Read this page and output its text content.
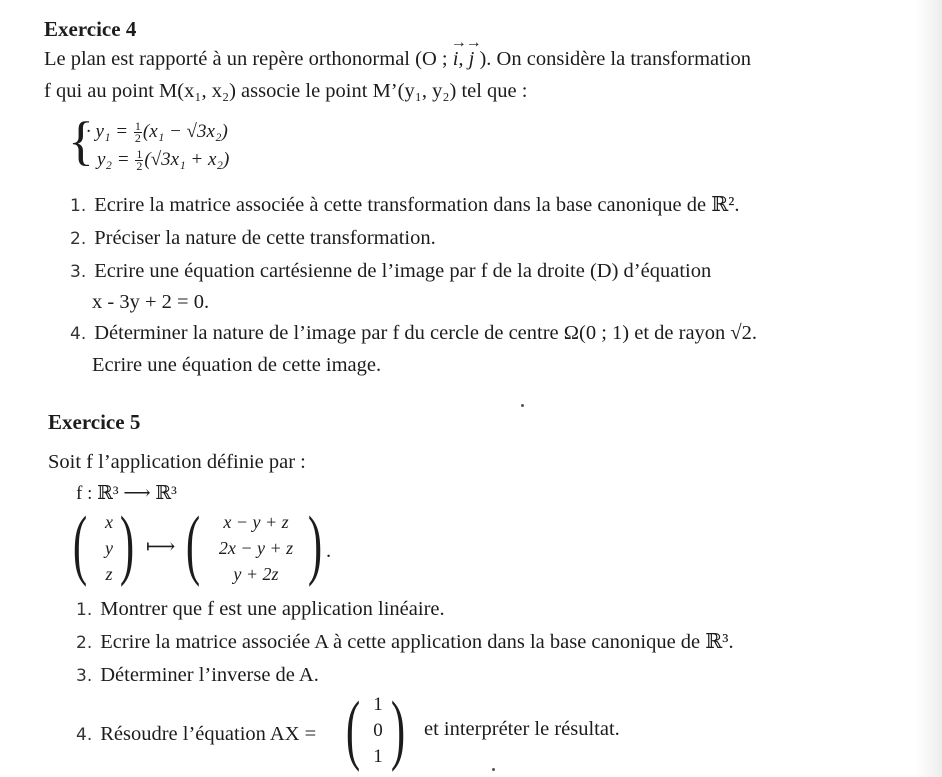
Exercice 4
Le plan est rapporté à un repère orthonormal (O ; i
→
, j
→
). On considère la transformation
f qui au point M(x₁, x₂) associe le point M’(y₁, y₂) tel que :
{
· $y_1 = \frac{1}{2} (x_1 - √3x_2)$
$y_2 = \frac{1}{2} (√3x_1 + x_2)$
1. Ecrire la matrice associée à cette transformation dans la base canonique de ℝ².
2. Préciser la nature de cette transformation.
3. Ecrire une équation cartésienne de l’image par f de la droite (D) d’équation
x - 3y + 2 = 0.
4. Déterminer la nature de l’image par f du cercle de centre Ω(0 ; 1) et de rayon √2.
Ecrire une équation de cette image.
Exercice 5
Soit f l’application définie par :
f : ℝ³ ⟶ ℝ³
( x
y
z ) ⟼ (	x − y + z
2x − y + z
y + 2z ) .
1. Montrer que f est une application linéaire.
2. Ecrire la matrice associée A à cette application dans la base canonique de ℝ³.
3. Déterminer l’inverse de A.
4. Résoudre l’équation AX = ( 1
0
1 ) et interpréter le résultat.
